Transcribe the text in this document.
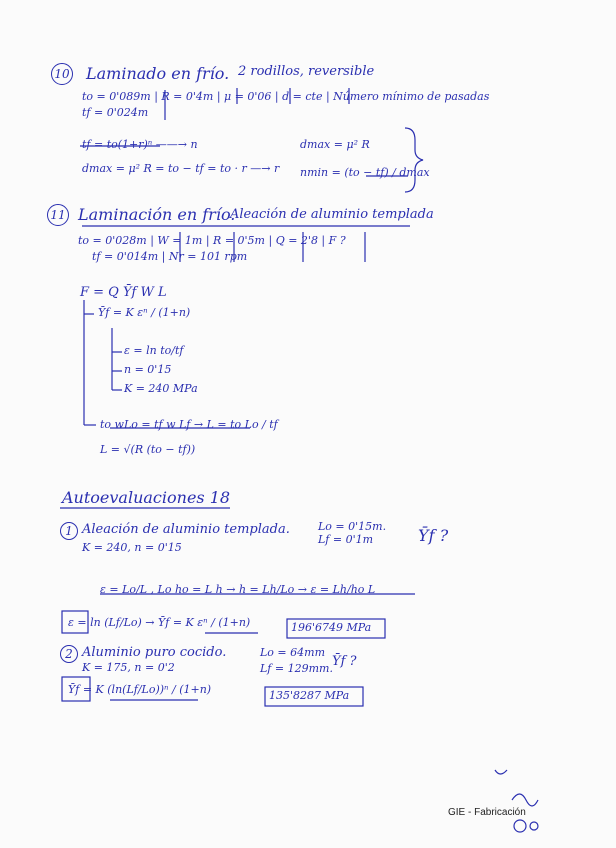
10 Laminado en frío. 2 rodillos, reversible
to = 0'089m | R = 0'4m | μ = 0'06 | d = cte | Número mínimo de pasadas
tf = 0'024m
tf = to(1+r)ⁿ ——→ n	dmax = μ² R
dmax = μ² R = to − tf = to · r —→ r nmin = (to − tf) / dmax
11 Laminación en frío.
Aleación de aluminio templada
to = 0'028m | W = 1m | R = 0'5m | Q = 2'8 | F ?
tf = 0'014m | Nr = 101 rpm
F = Q Ȳf W L
Ȳf = K εⁿ / (1+n)
ε = ln to/tf
n = 0'15
K = 240 MPa
to wLo = tf w Lf → L = to Lo / tf
L = √(R (to − tf))
Autoevaluaciones 18
1 Aleación de aluminio templada.	Lo = 0'15m. Lf = 0'1m
K = 240, n = 0'15
Ȳf ?
ε = Lo/L , Lo ho = L h → h = Lh/Lo → ε = Lh/ho L
ε = ln (Lf/Lo) → Ȳf = K εⁿ / (1+n)	196'6749 MPa
2 Aluminio puro cocido.	Lo = 64mm
Lf = 129mm.
K = 175, n = 0'2	Ȳf ?
Ȳf = K (ln(Lf/Lo))ⁿ / (1+n)	135'8287 MPa
GIE - Fabricación
